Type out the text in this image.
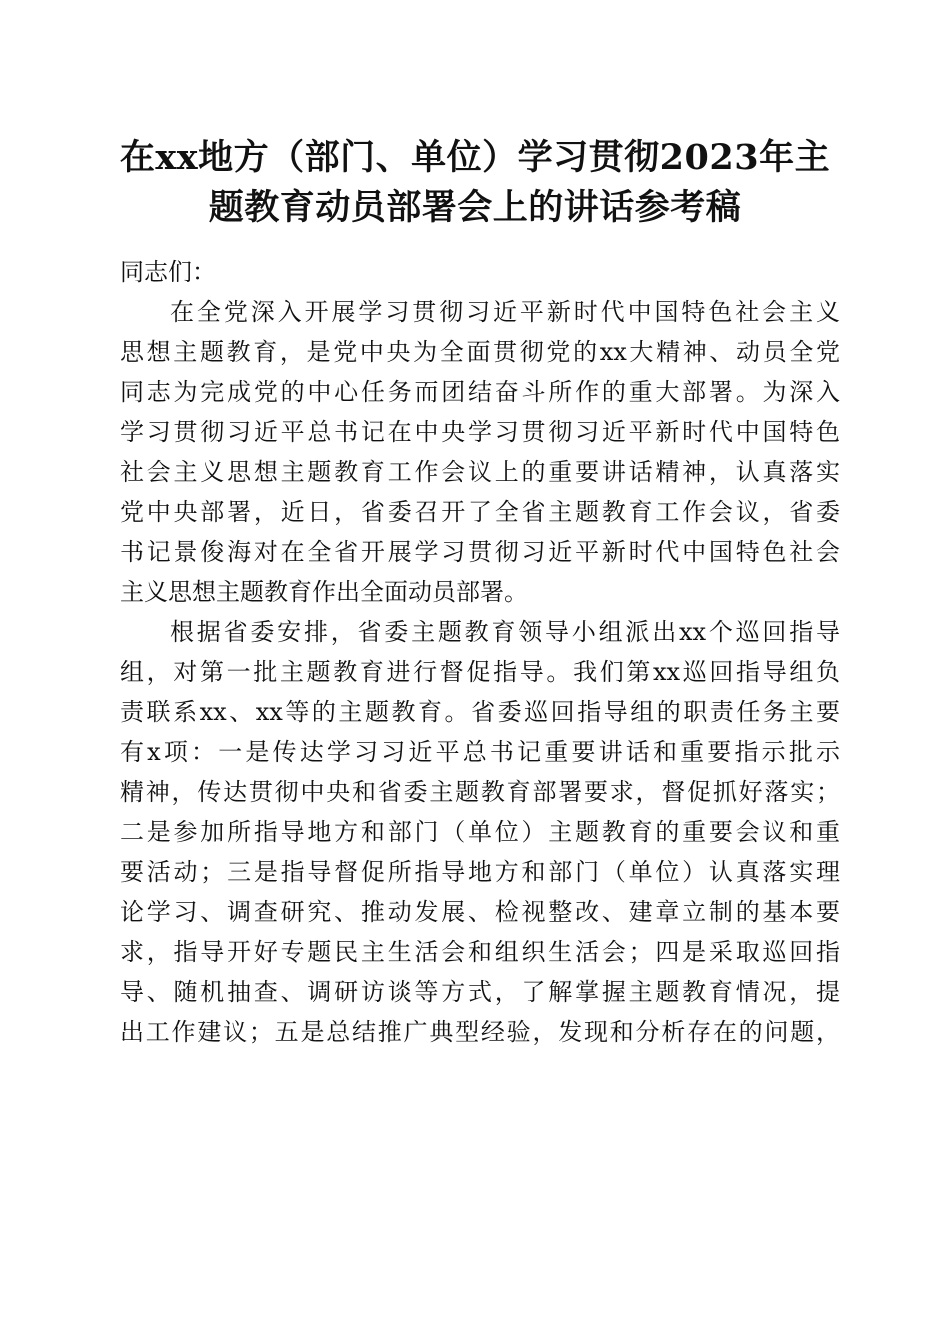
在xx地方（部门、单位）学习贯彻2023年主
题教育动员部署会上的讲话参考稿
同志们：
在全党深入开展学习贯彻习近平新时代中国特色社会主义
思想主题教育，是党中央为全面贯彻党的xx大精神、动员全党
同志为完成党的中心任务而团结奋斗所作的重大部署。为深入
学习贯彻习近平总书记在中央学习贯彻习近平新时代中国特色
社会主义思想主题教育工作会议上的重要讲话精神，认真落实
党中央部署，近日，省委召开了全省主题教育工作会议，省委
书记景俊海对在全省开展学习贯彻习近平新时代中国特色社会
主义思想主题教育作出全面动员部署。
根据省委安排，省委主题教育领导小组派出xx个巡回指导
组，对第一批主题教育进行督促指导。我们第xx巡回指导组负
责联系xx、xx等的主题教育。省委巡回指导组的职责任务主要
有x项：一是传达学习习近平总书记重要讲话和重要指示批示
精神，传达贯彻中央和省委主题教育部署要求，督促抓好落实；
二是参加所指导地方和部门（单位）主题教育的重要会议和重
要活动；三是指导督促所指导地方和部门（单位）认真落实理
论学习、调查研究、推动发展、检视整改、建章立制的基本要
求，指导开好专题民主生活会和组织生活会；四是采取巡回指
导、随机抽查、调研访谈等方式，了解掌握主题教育情况，提
出工作建议；五是总结推广典型经验，发现和分析存在的问题，
